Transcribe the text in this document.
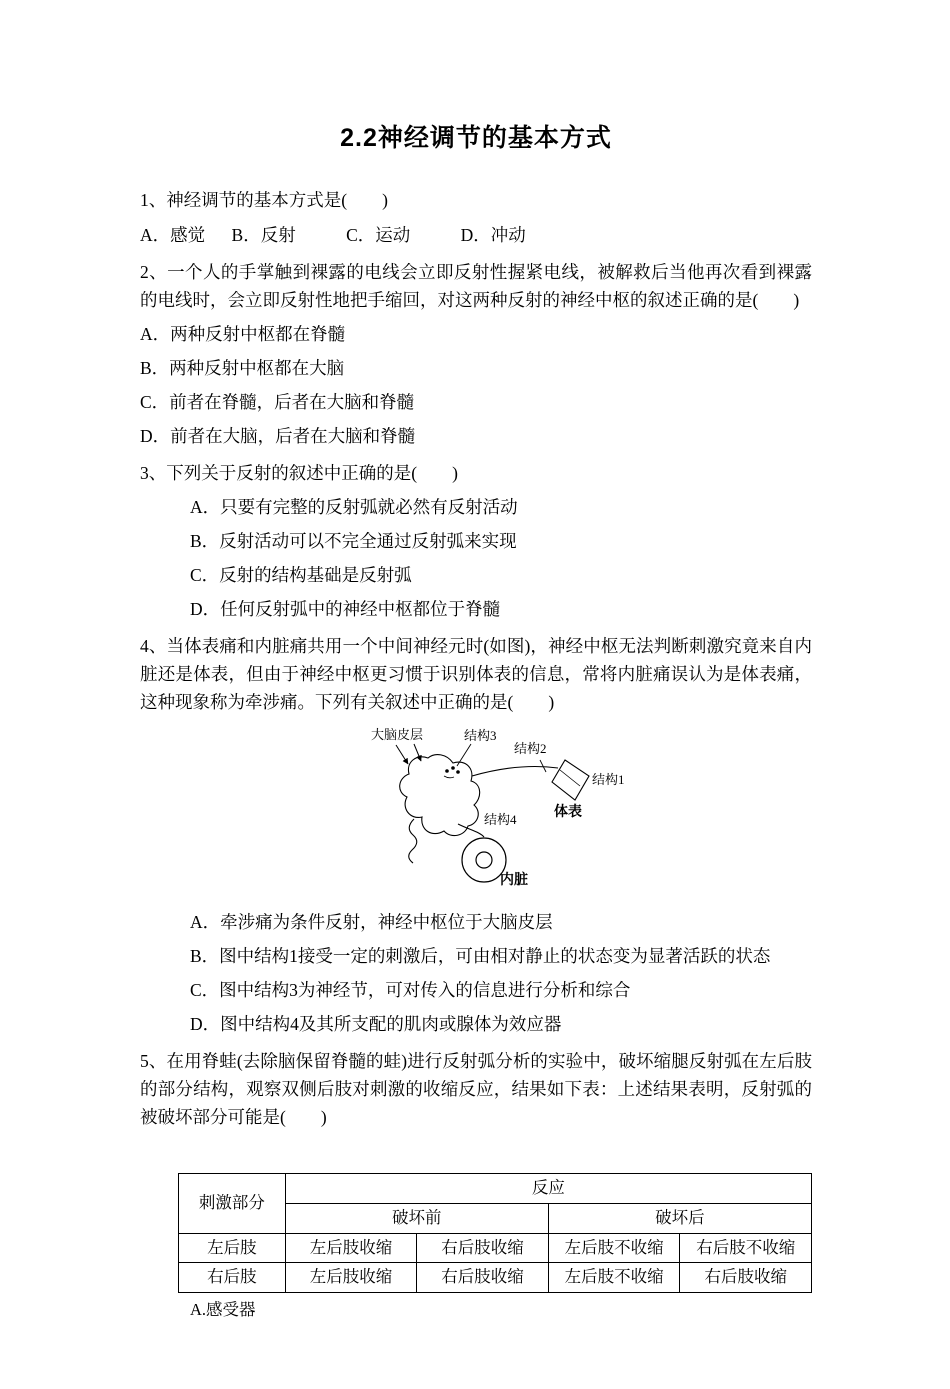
2.2神经调节的基本方式

1、神经调节的基本方式是(　　)

A．感觉 B．反射	C．运动	D．冲动

2、一个人的手掌触到裸露的电线会立即反射性握紧电线，被解救后当他再次看到裸露的电线时，会立即反射性地把手缩回，对这两种反射的神经中枢的叙述正确的是(　　)

A．两种反射中枢都在脊髓

B．两种反射中枢都在大脑

C．前者在脊髓，后者在大脑和脊髓

D．前者在大脑，后者在大脑和脊髓

3、下列关于反射的叙述中正确的是(　　)

A．只要有完整的反射弧就必然有反射活动

B．反射活动可以不完全通过反射弧来实现

C．反射的结构基础是反射弧

D．任何反射弧中的神经中枢都位于脊髓

4、当体表痛和内脏痛共用一个中间神经元时(如图)，神经中枢无法判断刺激究竟来自内脏还是体表，但由于神经中枢更习惯于识别体表的信息，常将内脏痛误认为是体表痛，这种现象称为牵涉痛。下列有关叙述中正确的是(　　)

大脑皮层	结构3
结构2
结构1
体表
结构4
内脏

A．牵涉痛为条件反射，神经中枢位于大脑皮层

B．图中结构1接受一定的刺激后，可由相对静止的状态变为显著活跃的状态

C．图中结构3为神经节，可对传入的信息进行分析和综合

D．图中结构4及其所支配的肌肉或腺体为效应器

5、在用脊蛙(去除脑保留脊髓的蛙)进行反射弧分析的实验中，破坏缩腿反射弧在左后肢的部分结构，观察双侧后肢对刺激的收缩反应，结果如下表：上述结果表明，反射弧的被破坏部分可能是(　　)

刺激部分	反应			
	破坏前		破坏后	
左后肢	左后肢收缩	右后肢收缩	左后肢不收缩	右后肢不收缩
右后肢	左后肢收缩	右后肢收缩	左后肢不收缩	右后肢收缩

A.感受器
